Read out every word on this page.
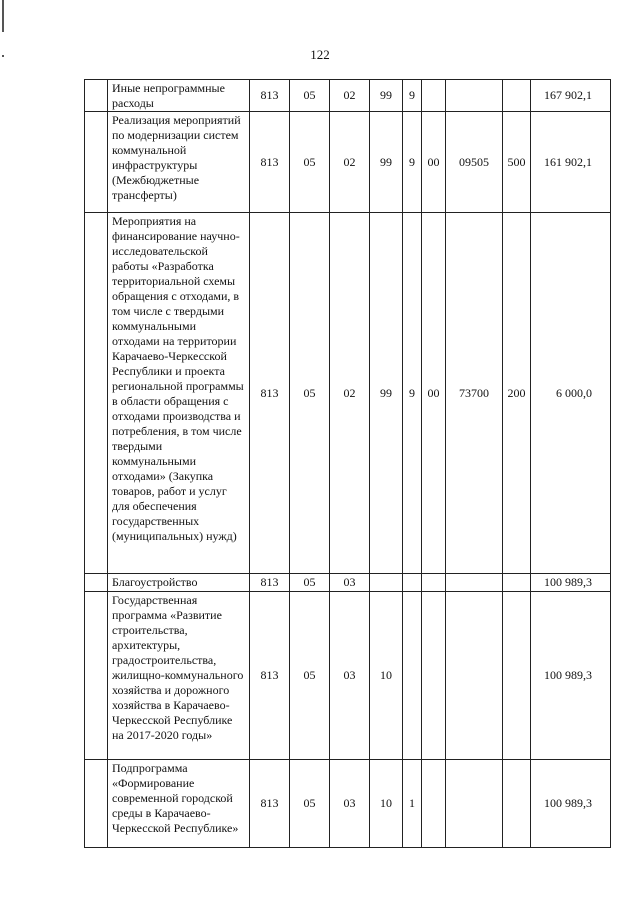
122
	Иные непрограммные расходы	813	05	02	99	9				167 902,1
	Реализация мероприятий по модернизации систем коммунальной инфраструктуры (Межбюджетные трансферты)	813	05	02	99	9	00	09505	500	161 902,1
	Мероприятия на финансирование научно-исследовательской работы «Разработка территориальной схемы обращения с отходами, в том числе с твердыми коммунальными отходами на территории Карачаево-Черкесской Республики и проекта региональной программы в области обращения с отходами производства и потребления, в том числе твердыми коммунальными отходами» (Закупка товаров, работ и услуг для обеспечения государственных (муниципальных) нужд)	813	05	02	99	9	00	73700	200	6 000,0
	Благоустройство	813	05	03						100 989,3
	Государственная программа «Развитие строительства, архитектуры, градостроительства, жилищно-коммунального хозяйства и дорожного хозяйства в Карачаево-Черкесской Республике на 2017-2020 годы»	813	05	03	10					100 989,3
	Подпрограмма «Формирование современной городской среды в Карачаево-Черкесской Республике»	813	05	03	10	1				100 989,3
